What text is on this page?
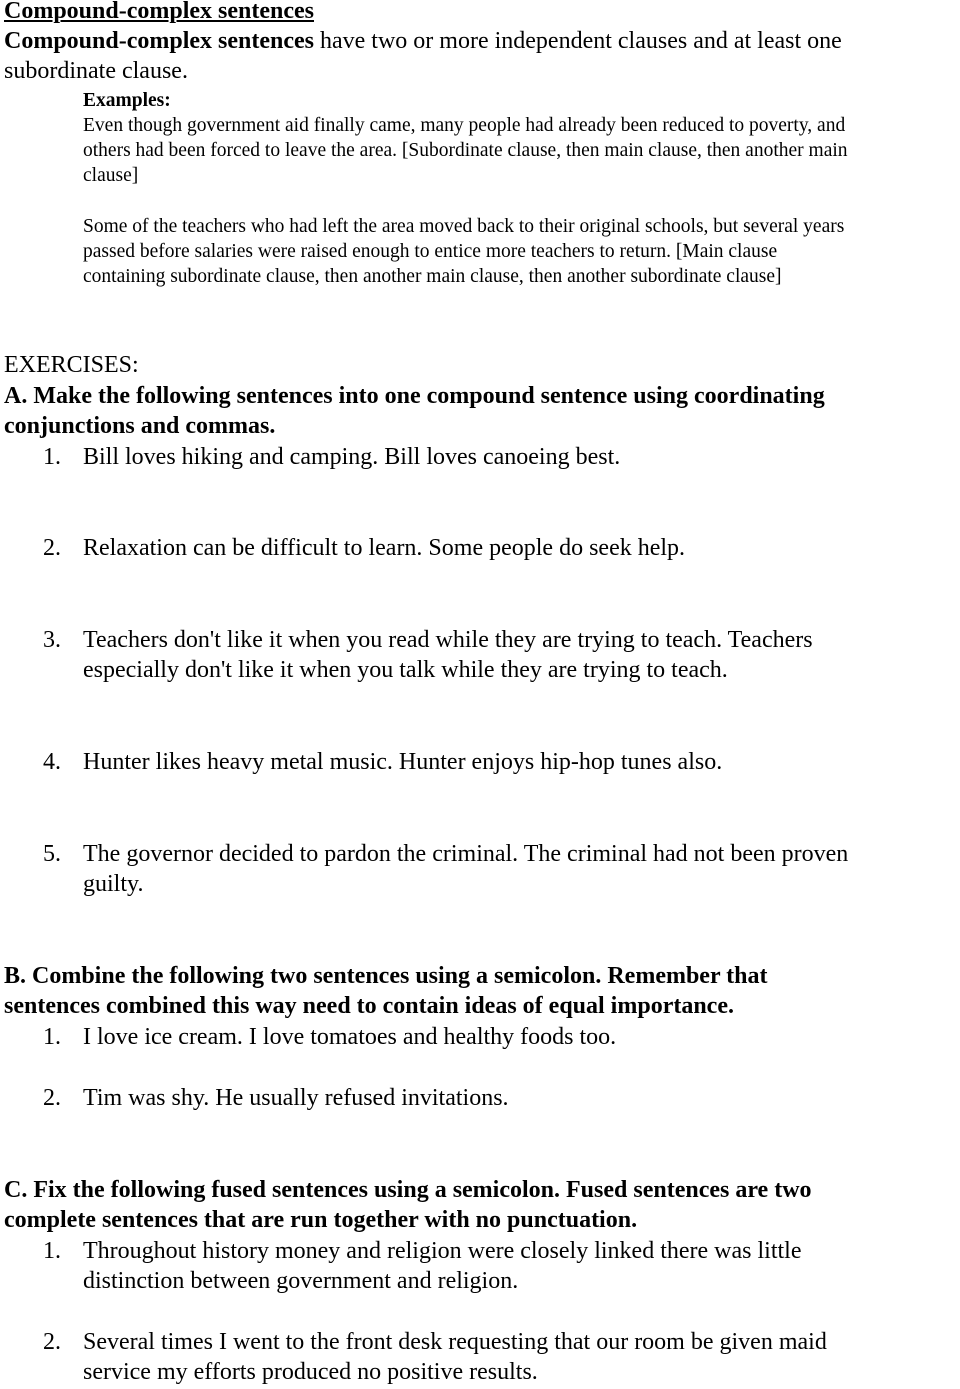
Compound-complex sentences
Compound-complex sentences have two or more independent clauses and at least one
subordinate clause.
Examples:
Even though government aid finally came, many people had already been reduced to poverty, and
others had been forced to leave the area. [Subordinate clause, then main clause, then another main
clause]
Some of the teachers who had left the area moved back to their original schools, but several years
passed before salaries were raised enough to entice more teachers to return. [Main clause
containing subordinate clause, then another main clause, then another subordinate clause]
EXERCISES:
A. Make the following sentences into one compound sentence using coordinating
conjunctions and commas.
1. Bill loves hiking and camping. Bill loves canoeing best.
2. Relaxation can be difficult to learn. Some people do seek help.
3. Teachers don't like it when you read while they are trying to teach. Teachers
especially don't like it when you talk while they are trying to teach.
4. Hunter likes heavy metal music. Hunter enjoys hip-hop tunes also.
5. The governor decided to pardon the criminal. The criminal had not been proven
guilty.
B. Combine the following two sentences using a semicolon. Remember that
sentences combined this way need to contain ideas of equal importance.
1. I love ice cream. I love tomatoes and healthy foods too.
2. Tim was shy. He usually refused invitations.
C. Fix the following fused sentences using a semicolon. Fused sentences are two
complete sentences that are run together with no punctuation.
1. Throughout history money and religion were closely linked there was little
distinction between government and religion.
2. Several times I went to the front desk requesting that our room be given maid
service my efforts produced no positive results.
